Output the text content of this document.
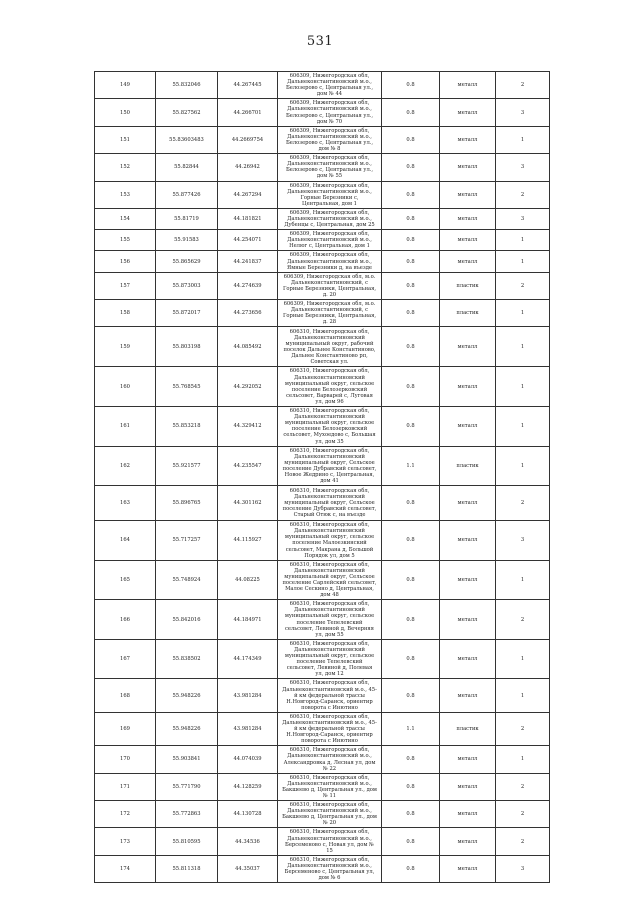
531
149	55.832046	44.267445	606309, Нижегородская обл, Дальнеконстантиновский м.о., Белозерово с, Центральная ул., дом № 44	0.8	металл	2
150	55.827562	44.266701	606309, Нижегородская обл, Дальнеконстантиновский м.о., Белозерово с, Центральная ул., дом № 70	0.8	металл	3
151	55.83603483	44.2669754	606309, Нижегородская обл, Дальнеконстантиновский м.о., Белозерово с, Центральная ул., дом № 8	0.8	металл	1
152	55.82844	44.26942	606309, Нижегородская обл, Дальнеконстантиновский м.о., Белозерово с, Центральная ул., дом № 55	0.8	металл	3
153	55.877426	44.267294	606309, Нижегородская обл, Дальнеконстантиновский м.о., Горные Березники с, Центральная, дом 1	0.8	металл	2
154	55.81719	44.181821	606309, Нижегородская обл, Дальнеконстантиновский м.о., Дубенцы с, Центральная, дом 25	0.8	металл	3
155	55.91583	44.254071	606309, Нижегородская обл, Дальнеконстантиновский м.о., Нелюг с, Центральная, дом 1	0.8	металл	1
156	55.865629	44.241837	606309, Нижегородская обл, Дальнеконстантиновский м.о., Ямные Березники д, на въезде	0.8	металл	1
157	55.873003	44.274639	606309, Нижегородская обл, м.о. Дальнеконстантиновский, с Горные Березники, Центральная, д. 20	0.8	пластик	2
158	55.872017	44.273656	606309, Нижегородская обл, м.о. Дальнеконстантиновский, с Горные Березники, Центральная, д. 28	0.8	пластик	1
159	55.803198	44.085492	606310, Нижегородская обл, Дальнеконстантиновский муниципальный округ, рабочий поселок Дальнее Константиново, Дальнее Константиново рп, Советская ул.	0.8	металл	1
160	55.768545	44.292052	606310, Нижегородская обл, Дальнеконстантиновский муниципальный округ, сельское поселение Белозерковский сельсовет, Варварей с, Луговая ул, дом 96	0.8	металл	1
161	55.853218	44.329412	606310, Нижегородская обл, Дальнеконстантиновский муниципальный округ, сельское поселение Белозерковский сельсовет, Мухоедово с, Большая ул, дом 35	0.8	металл	1
162	55.921577	44.235547	606310, Нижегородская обл, Дальнеконстантиновский муниципальный округ, Сельское поселение Дубравский сельсовет, Новое Жедрино с, Центральная, дом 41	1.1	пластик	1
163	55.896765	44.301162	606310, Нижегородская обл, Дальнеконстантиновский муниципальный округ, Сельское поселение Дубравский сельсовет, Старый Отюк с, на въезде	0.8	металл	2
164	55.717257	44.115927	606310, Нижегородская обл, Дальнеконстантиновский муниципальный округ, сельское поселение Малоезкинский сельсовет, Макрана д, Большой Порядок ул, дом 5	0.8	металл	3
165	55.748924	44.08225	606310, Нижегородская обл, Дальнеконстантиновский муниципальный округ, Сельское поселение Сарлейский сельсовет, Малое Сескино д, Центральная, дом 48	0.8	металл	1
166	55.842016	44.184971	606310, Нижегородская обл, Дальнеконстантиновский муниципальный округ, сельское поселение Тепелевский сельсовет, Левиной д, Вечерняя ул, дом 55	0.8	металл	2
167	55.838502	44.174349	606310, Нижегородская обл, Дальнеконстантиновский муниципальный округ, сельское поселение Тепелевский сельсовет, Левиной д, Полевая ул, дом 12	0.8	металл	1
168	55.948226	43.981284	606310, Нижегородская обл, Дальнеконстантиновский м.о., 45-й км федеральной трассы Н.Новгород-Саранск, ориентир поворота с Инютино	0.8	металл	1
169	55.948226	43.981284	606310, Нижегородская обл, Дальнеконстантиновский м.о., 45-й км федеральной трассы Н.Новгород-Саранск, ориентир поворота с Инютино	1.1	пластик	2
170	55.903841	44.074039	606310, Нижегородская обл, Дальнеконстантиновский м.о., Александровка д, Лесная ул, дом № 22	0.8	металл	1
171	55.771790	44.128259	606310, Нижегородская обл, Дальнеконстантиновский м.о., Бакшеево д, Центральная ул., дом № 11	0.8	металл	2
172	55.772863	44.130728	606310, Нижегородская обл, Дальнеконстантиновский м.о., Бакшеево д, Центральная ул., дом № 20	0.8	металл	2
173	55.810595	44.34536	606310, Нижегородская обл, Дальнеконстантиновский м.о., Берсеменово с, Новая ул, дом № 15	0.8	металл	2
174	55.811318	44.35037	606310, Нижегородская обл, Дальнеконстантиновский м.о., Берсеменово с, Центральная ул, дом № 6	0.8	металл	3
